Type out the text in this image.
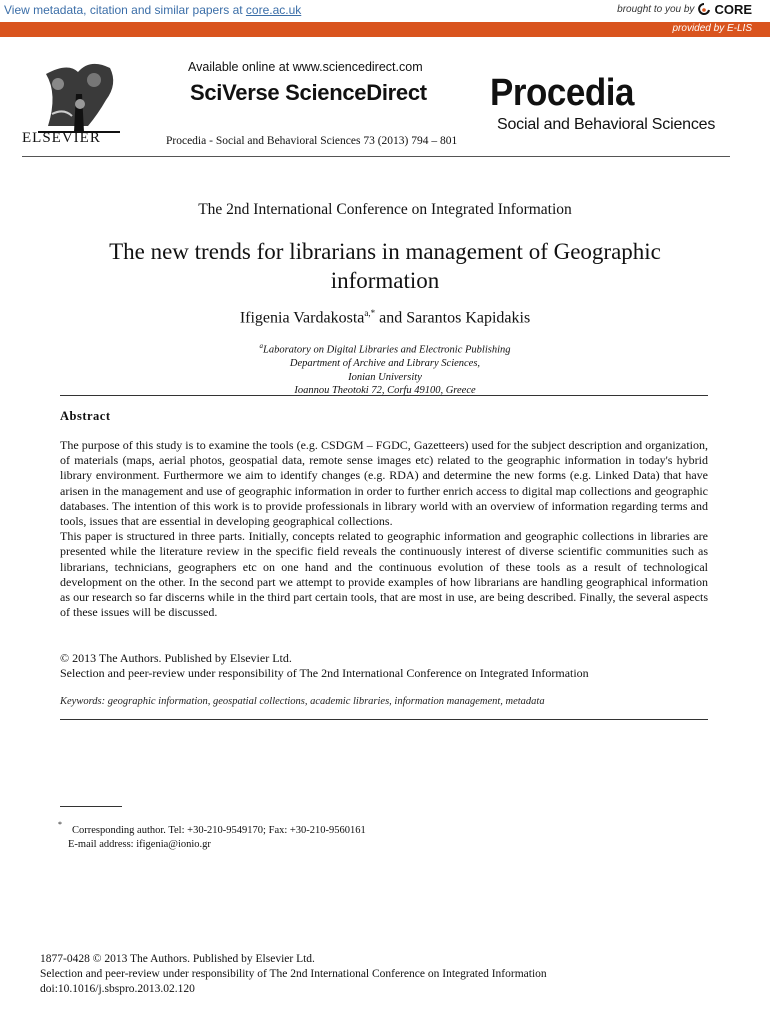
View metadata, citation and similar papers at core.ac.uk	brought to you by CORE
provided by E-LIS
ELSEVIER
Available online at www.sciencedirect.com
SciVerse ScienceDirect
Procedia - Social and Behavioral Sciences 73 (2013) 794 – 801
Procedia
Social and Behavioral Sciences
The 2nd International Conference on Integrated Information
The new trends for librarians in management of Geographic
information
Ifigenia Vardakosta$^{a,*}$ and Sarantos Kapidakis
$^a$Laboratory on Digital Libraries and Electronic Publishing
Department of Archive and Library Sciences,
Ionian University
Ioannou Theotoki 72, Corfu 49100, Greece
Abstract

The purpose of this study is to examine the tools (e.g. CSDGM – FGDC, Gazetteers) used for the subject description and organization, of materials (maps, aerial photos, geospatial data, remote sense images etc) related to the geographic information in today's hybrid library environment. Furthermore we aim to identify changes (e.g. RDA) and determine the new forms (e.g. Linked Data) that have arisen in the management and use of geographic information in order to further enrich access to digital map collections and geographic databases. The intention of this work is to provide professionals in library world with an overview of information regarding terms and tools, issues that are essential in developing geographical collections.

This paper is structured in three parts. Initially, concepts related to geographic information and geographic collections in libraries are presented while the literature review in the specific field reveals the continuously interest of diverse scientific communities such as librarians, technicians, geographers etc on one hand and the continuous evolution of these tools as a result of technological development on the other. In the second part we attempt to provide examples of how librarians are handling geographical information as our research so far discerns while in the third part certain tools, that are most in use, are being described. Finally, the several aspects of these issues will be discussed.

© 2013 The Authors. Published by Elsevier Ltd.
Selection and peer-review under responsibility of The 2nd International Conference on Integrated Information
Keywords: geographic information, geospatial collections, academic libraries, information management, metadata
*Corresponding author. Tel: +30-210-9549170; Fax: +30-210-9560161
E-mail address: ifigenia@ionio.gr
1877-0428 © 2013 The Authors. Published by Elsevier Ltd.
Selection and peer-review under responsibility of The 2nd International Conference on Integrated Information
doi:10.1016/j.sbspro.2013.02.120
